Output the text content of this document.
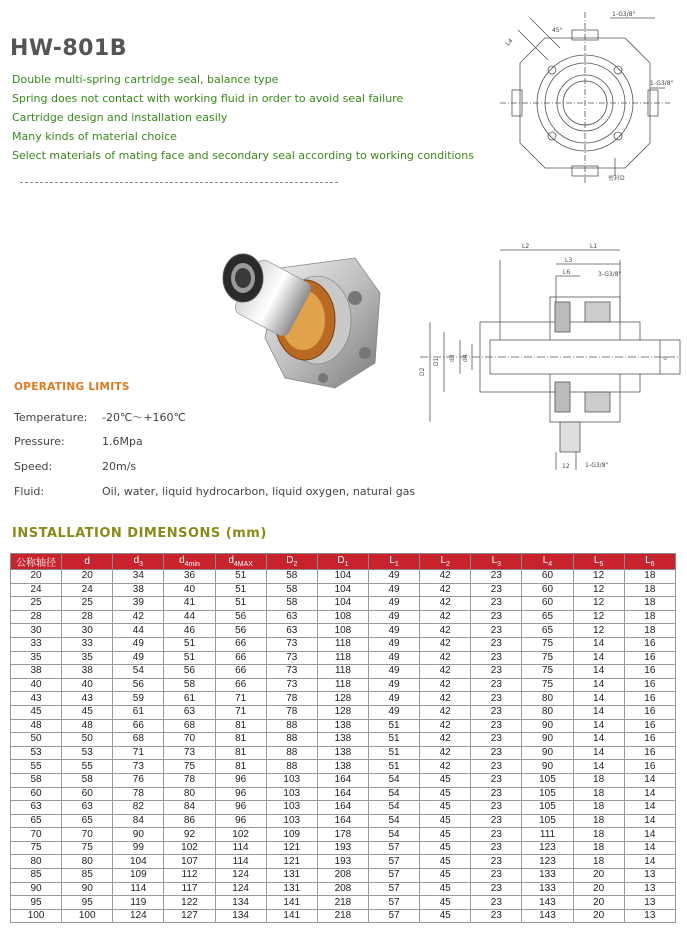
HW-801B
Double multi-spring cartridge seal, balance type
Spring does not contact with working fluid in order to avoid seal failure
Cartridge design and installation easily
Many kinds of material choice
Select materials of mating face and secondary seal according to working conditions
L4
45°
1-G3/8"
1-G3/8"
密封D
L2	L1
L3
L6	3-G3/8"
D2
D1 d3 d4	d
12	1-G3/8"
OPERATING LIMITS
Temperature: -20℃～+160℃
Pressure:	1.6Mpa
Speed:	20m/s
Fluid:	Oil, water, liquid hydrocarbon, liquid oxygen, natural gas
INSTALLATION DIMENSONS (mm)
公称轴径	d	$d_3$	$d_{4min}$	$d_{4MAX}$	$D_2$	$D_1$	$L_1$	$L_2$	$L_3$	$L_4$	$L_5$	$L_6$
20	20	34	36	51	58	104	49	42	23	60	12	18
24	24	38	40	51	58	104	49	42	23	60	12	18
25	25	39	41	51	58	104	49	42	23	60	12	18
28	28	42	44	56	63	108	49	42	23	65	12	18
30	30	44	46	56	63	108	49	42	23	65	12	18
33	33	49	51	66	73	118	49	42	23	75	14	16
35	35	49	51	66	73	118	49	42	23	75	14	16
38	38	54	56	66	73	118	49	42	23	75	14	16
40	40	56	58	66	73	118	49	42	23	75	14	16
43	43	59	61	71	78	128	49	42	23	80	14	16
45	45	61	63	71	78	128	49	42	23	80	14	16
48	48	66	68	81	88	138	51	42	23	90	14	16
50	50	68	70	81	88	138	51	42	23	90	14	16
53	53	71	73	81	88	138	51	42	23	90	14	16
55	55	73	75	81	88	138	51	42	23	90	14	16
58	58	76	78	96	103	164	54	45	23	105	18	14
60	60	78	80	96	103	164	54	45	23	105	18	14
63	63	82	84	96	103	164	54	45	23	105	18	14
65	65	84	86	96	103	164	54	45	23	105	18	14
70	70	90	92	102	109	178	54	45	23	111	18	14
75	75	99	102	114	121	193	57	45	23	123	18	14
80	80	104	107	114	121	193	57	45	23	123	18	14
85	85	109	112	124	131	208	57	45	23	133	20	13
90	90	114	117	124	131	208	57	45	23	133	20	13
95	95	119	122	134	141	218	57	45	23	143	20	13
100	100	124	127	134	141	218	57	45	23	143	20	13
